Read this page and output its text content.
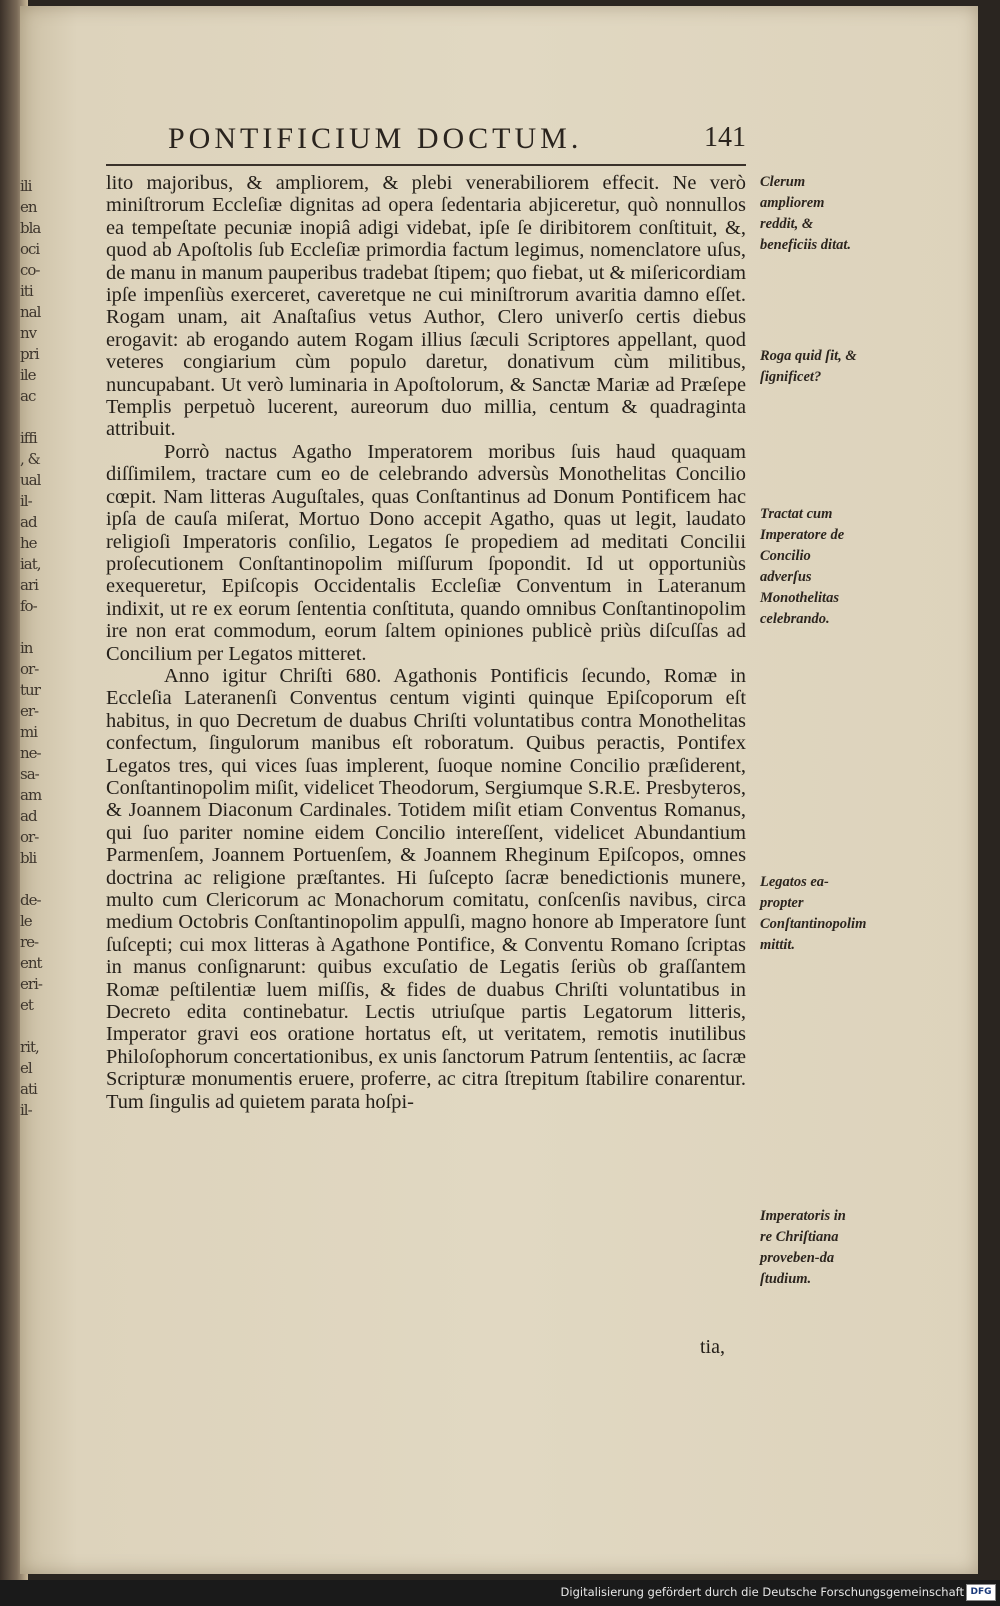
ili
en
bla
oci
co-
iti
nal
nv
pri
ile
ac

iffi
, &
ual
il-
ad
he
iat,
ari
fo-

in
or-
tur
er-
mi
ne-
sa-
am
ad
or-
bli

de-
le
re-
ent
eri-
et

rit,
el
ati
il-
PONTIFICIUM DOCTUM.	141

lito majoribus, & ampliorem, & plebi venerabiliorem effecit. Ne verò miniſtrorum Eccleſiæ dignitas ad opera ſedentaria abjiceretur, quò nonnullos ea tempeſtate pecuniæ inopiâ adigi videbat, ipſe ſe diribitorem conſtituit, &, quod ab Apoſtolis ſub Eccleſiæ primordia factum legimus, nomenclatore uſus, de manu in manum pauperibus tradebat ſtipem; quo fiebat, ut & miſericordiam ipſe impenſiùs exerceret, caveretque ne cui miniſtrorum avaritia damno eſſet. Rogam unam, ait Anaſtaſius vetus Author, Clero univerſo certis diebus erogavit: ab erogando autem Rogam illius ſæculi Scriptores appellant, quod veteres congiarium cùm populo daretur, donativum cùm militibus, nuncupabant. Ut verò luminaria in Apoſtolorum, & Sanctæ Mariæ ad Præſepe Templis perpetuò lucerent, aureorum duo millia, centum & quadraginta attribuit.

Porrò nactus Agatho Imperatorem moribus ſuis haud quaquam diſſimilem, tractare cum eo de celebrando adversùs Monothelitas Concilio cœpit. Nam litteras Auguſtales, quas Conſtantinus ad Donum Pontificem hac ipſa de cauſa miſerat, Mortuo Dono accepit Agatho, quas ut legit, laudato religioſi Imperatoris conſilio, Legatos ſe propediem ad meditati Concilii proſecutionem Conſtantinopolim miſſurum ſpopondit. Id ut opportuniùs exequeretur, Epiſcopis Occidentalis Eccleſiæ Conventum in Lateranum indixit, ut re ex eorum ſententia conſtituta, quando omnibus Conſtantinopolim ire non erat commodum, eorum ſaltem opiniones publicè priùs diſcuſſas ad Concilium per Legatos mitteret.

Anno igitur Chriſti 680. Agathonis Pontificis ſecundo, Romæ in Eccleſia Lateranenſi Conventus centum viginti quinque Epiſcoporum eſt habitus, in quo Decretum de duabus Chriſti voluntatibus contra Monothelitas confectum, ſingulorum manibus eſt roboratum. Quibus peractis, Pontifex Legatos tres, qui vices ſuas implerent, ſuoque nomine Concilio præſiderent, Conſtantinopolim miſit, videlicet Theodorum, Sergiumque S.R.E. Presbyteros, & Joannem Diaconum Cardinales. Totidem miſit etiam Conventus Romanus, qui ſuo pariter nomine eidem Concilio intereſſent, videlicet Abundantium Parmenſem, Joannem Portuenſem, & Joannem Rheginum Epiſcopos, omnes doctrina ac religione præſtantes. Hi ſuſcepto ſacræ benedictionis munere, multo cum Clericorum ac Monachorum comitatu, conſcenſis navibus, circa medium Octobris Conſtantinopolim appulſi, magno honore ab Imperatore ſunt ſuſcepti; cui mox litteras à Agathone Pontifice, & Conventu Romano ſcriptas in manus conſignarunt: quibus excuſatio de Legatis ſeriùs ob graſſantem Romæ peſtilentiæ luem miſſis, & fides de duabus Chriſti voluntatibus in Decreto edita continebatur. Lectis utriuſque partis Legatorum litteris, Imperator gravi eos oratione hortatus eſt, ut veritatem, remotis inutilibus Philoſophorum concertationibus, ex unis ſanctorum Patrum ſententiis, ac ſacræ Scripturæ monumentis eruere, proferre, ac citra ſtrepitum ſtabilire conarentur. Tum ſingulis ad quietem parata hoſpi-

tia,
Clerum ampliorem reddit, & beneficiis ditat.
Roga quid ſit, & ſignificet?
Tractat cum Imperatore de Concilio adverſus Monothelitas celebrando.
Legatos ea-propter Conſtantinopolim mittit.
Imperatoris in re Chriſtiana proveben-da ſtudium.
Digitalisierung gefördert durch die Deutsche Forschungsgemeinschaft DFG
